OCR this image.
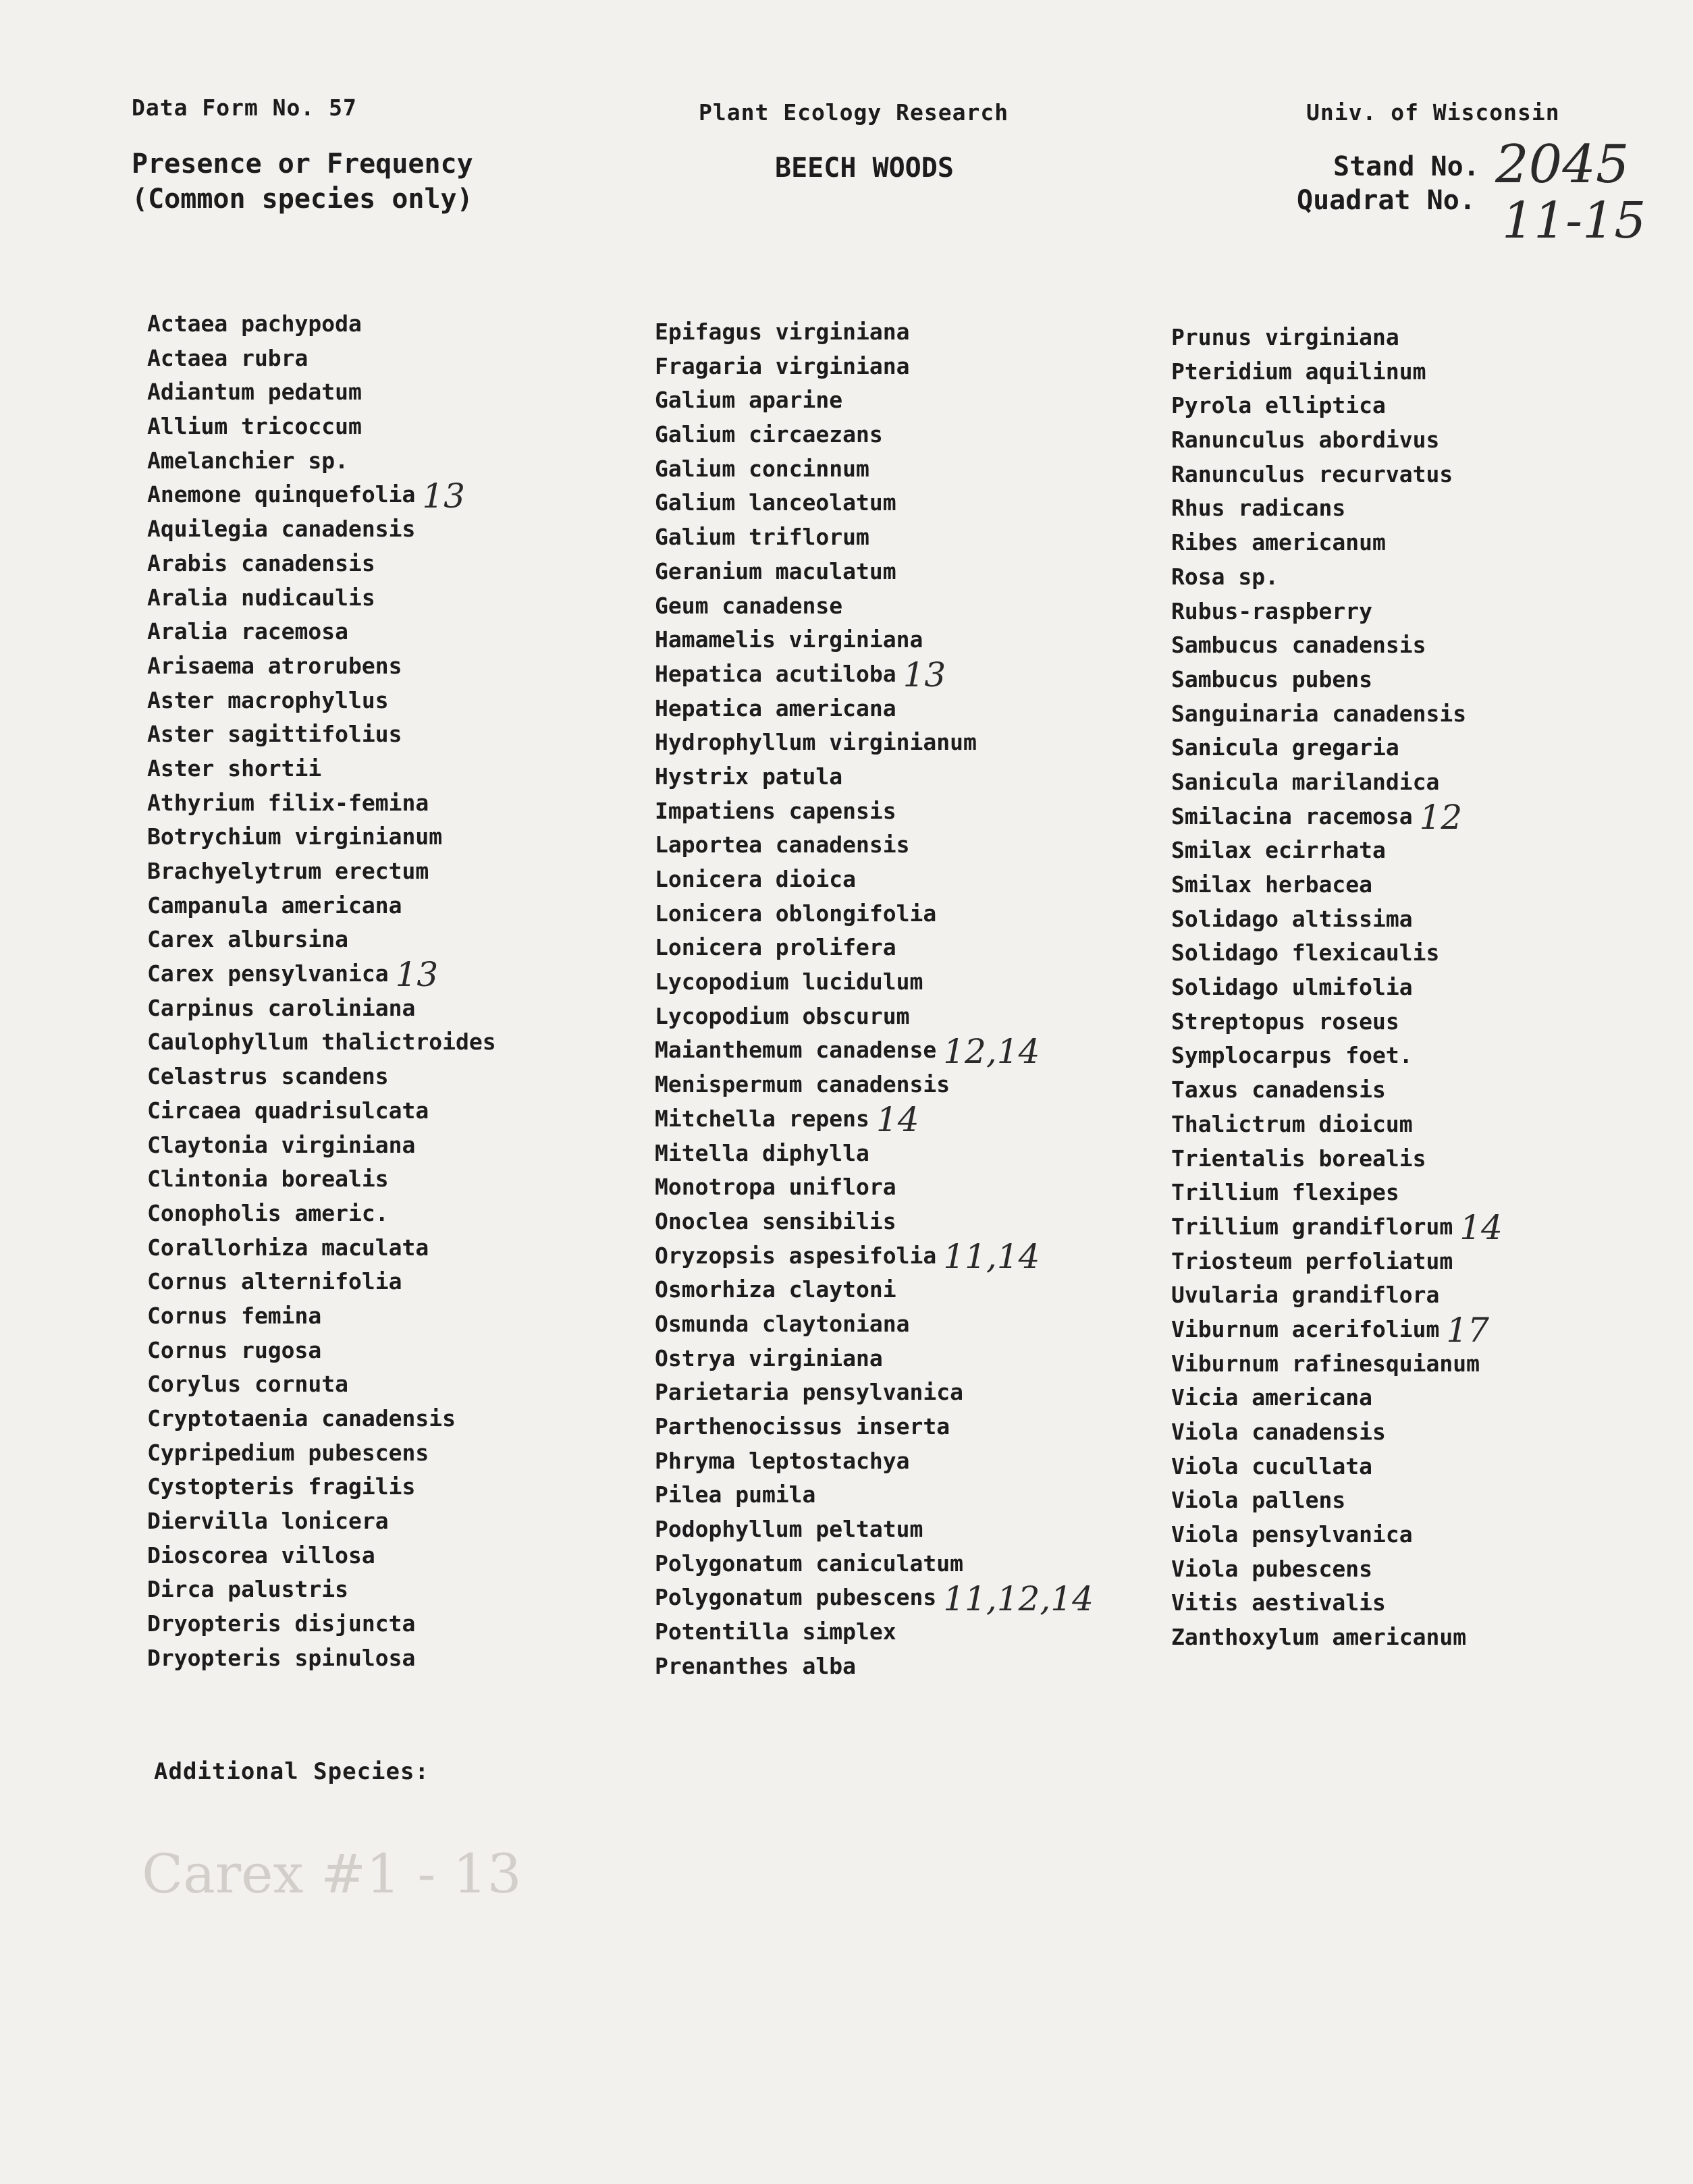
Data Form No. 57	Plant Ecology Research	Univ. of Wisconsin
Presence or Frequency
(Common species only)
BEECH WOODS	Stand No.
Quadrat No.
2045
11-15
Actaea pachypoda
Actaea rubra
Adiantum pedatum
Allium tricoccum
Amelanchier sp.
Anemone quinquefolia 13
Aquilegia canadensis
Arabis canadensis
Aralia nudicaulis
Aralia racemosa
Arisaema atrorubens
Aster macrophyllus
Aster sagittifolius
Aster shortii
Athyrium filix-femina
Botrychium virginianum
Brachyelytrum erectum
Campanula americana
Carex albursina
Carex pensylvanica 13
Carpinus caroliniana
Caulophyllum thalictroides
Celastrus scandens
Circaea quadrisulcata
Claytonia virginiana
Clintonia borealis
Conopholis americ.
Corallorhiza maculata
Cornus alternifolia
Cornus femina
Cornus rugosa
Corylus cornuta
Cryptotaenia canadensis
Cypripedium pubescens
Cystopteris fragilis
Diervilla lonicera
Dioscorea villosa
Dirca palustris
Dryopteris disjuncta
Dryopteris spinulosa
Epifagus virginiana
Fragaria virginiana
Galium aparine
Galium circaezans
Galium concinnum
Galium lanceolatum
Galium triflorum
Geranium maculatum
Geum canadense
Hamamelis virginiana
Hepatica acutiloba 13
Hepatica americana
Hydrophyllum virginianum
Hystrix patula
Impatiens capensis
Laportea canadensis
Lonicera dioica
Lonicera oblongifolia
Lonicera prolifera
Lycopodium lucidulum
Lycopodium obscurum
Maianthemum canadense 12,14
Menispermum canadensis
Mitchella repens 14
Mitella diphylla
Monotropa uniflora
Onoclea sensibilis
Oryzopsis aspesifolia 11,14
Osmorhiza claytoni
Osmunda claytoniana
Ostrya virginiana
Parietaria pensylvanica
Parthenocissus inserta
Phryma leptostachya
Pilea pumila
Podophyllum peltatum
Polygonatum caniculatum
Polygonatum pubescens 11,12,14
Potentilla simplex
Prenanthes alba
Prunus virginiana
Pteridium aquilinum
Pyrola elliptica
Ranunculus abordivus
Ranunculus recurvatus
Rhus radicans
Ribes americanum
Rosa sp.
Rubus-raspberry
Sambucus canadensis
Sambucus pubens
Sanguinaria canadensis
Sanicula gregaria
Sanicula marilandica
Smilacina racemosa 12
Smilax ecirrhata
Smilax herbacea
Solidago altissima
Solidago flexicaulis
Solidago ulmifolia
Streptopus roseus
Symplocarpus foet.
Taxus canadensis
Thalictrum dioicum
Trientalis borealis
Trillium flexipes
Trillium grandiflorum 14
Triosteum perfoliatum
Uvularia grandiflora
Viburnum acerifolium 17
Viburnum rafinesquianum
Vicia americana
Viola canadensis
Viola cucullata
Viola pallens
Viola pensylvanica
Viola pubescens
Vitis aestivalis
Zanthoxylum americanum
Additional Species:
Carex #1 - 13
